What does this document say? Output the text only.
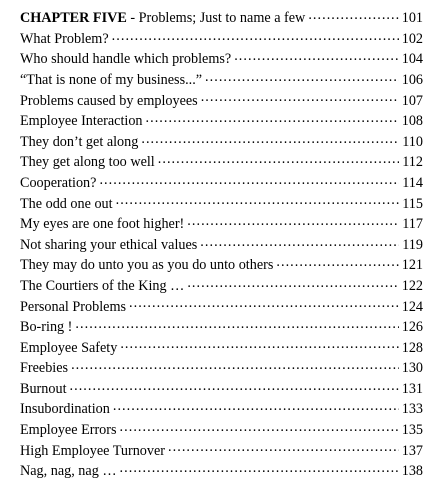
CHAPTER FIVE - Problems; Just to name a few . . .	101
What Problem? . . .	102
Who should handle which problems? . . .	104
“That is none of my business...” . . .	106
Problems caused by employees . . .	107
Employee Interaction . . .	108
They don’t get along . . .	110
They get along too well . . .	112
Cooperation? . . .	114
The odd one out . . .	115
My eyes are one foot higher! . . .	117
Not sharing your ethical values . . .	119
They may do unto you as you do unto others . . .	121
The Courtiers of the King … . . .	122
Personal Problems . . .	124
Bo-ring ! . . .	126
Employee Safety . . .	128
Freebies . . .	130
Burnout . . .	131
Insubordination . . .	133
Employee Errors . . .	135
High Employee Turnover . . .	137
Nag, nag, nag … . . .	138
